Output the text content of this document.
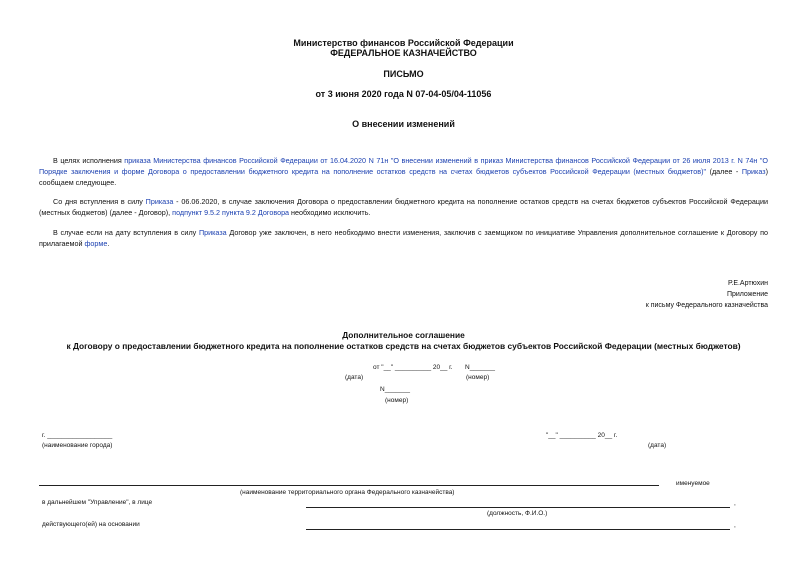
Министерство финансов Российской Федерации
ФЕДЕРАЛЬНОЕ КАЗНАЧЕЙСТВО
ПИСЬМО
от 3 июня 2020 года N 07-04-05/04-11056
О внесении изменений
В целях исполнения приказа Министерства финансов Российской Федерации от 16.04.2020 N 71н "О внесении изменений в приказ Министерства финансов Российской Федерации от 26 июля 2013 г. N 74н "О Порядке заключения и форме Договора о предоставлении бюджетного кредита на пополнение остатков средств на счетах бюджетов субъектов Российской Федерации (местных бюджетов)" (далее - Приказ) сообщаем следующее.
Со дня вступления в силу Приказа - 06.06.2020, в случае заключения Договора о предоставлении бюджетного кредита на пополнение остатков средств на счетах бюджетов субъектов Российской Федерации (местных бюджетов) (далее - Договор), подпункт 9.5.2 пункта 9.2 Договора необходимо исключить.
В случае если на дату вступления в силу Приказа Договор уже заключен, в него необходимо внести изменения, заключив с заемщиком по инициативе Управления дополнительное соглашение к Договору по прилагаемой форме.
Р.Е.Артюхин
Приложение
к письму Федерального казначейства
Дополнительное соглашение
к Договору о предоставлении бюджетного кредита на пополнение остатков средств на счетах бюджетов субъектов Российской Федерации (местных бюджетов)
от "__" __________ 20__ г. N_______
(дата)	(номер)
N_______
(номер)
г. __________________
(наименование города)
"__" __________ 20__ г.
(дата)
именуемое
(наименование территориального органа Федерального казначейства)
в дальнейшем "Управление", в лице	,
(должность, Ф.И.О.)
действующего(ей) на основании	,
